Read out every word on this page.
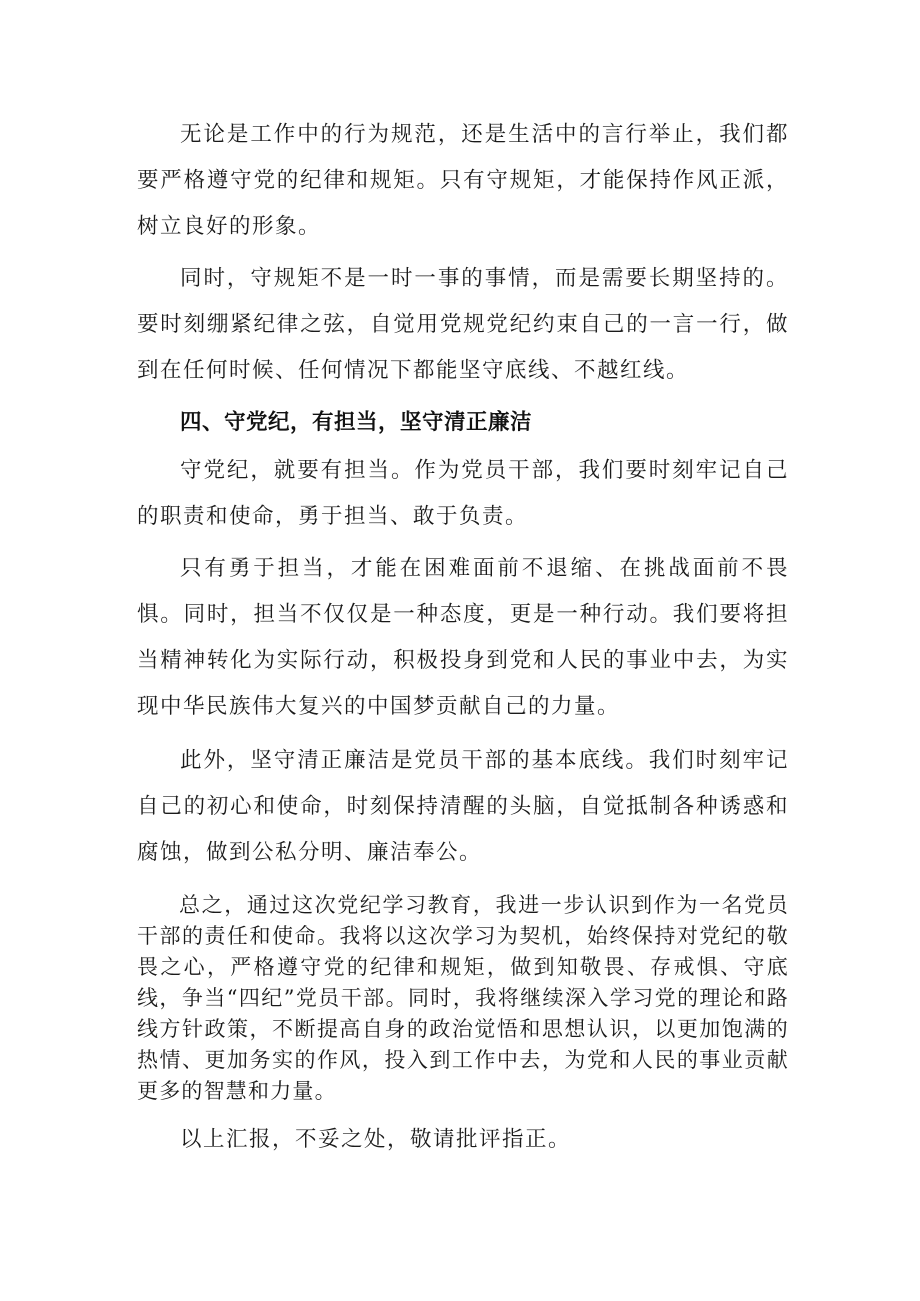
无论是工作中的行为规范，还是生活中的言行举止，我们都要严格遵守党的纪律和规矩。只有守规矩，才能保持作风正派，树立良好的形象。

同时，守规矩不是一时一事的事情，而是需要长期坚持的。要时刻绷紧纪律之弦，自觉用党规党纪约束自己的一言一行，做到在任何时候、任何情况下都能坚守底线、不越红线。

四、守党纪，有担当，坚守清正廉洁

守党纪，就要有担当。作为党员干部，我们要时刻牢记自己的职责和使命，勇于担当、敢于负责。

只有勇于担当，才能在困难面前不退缩、在挑战面前不畏惧。同时，担当不仅仅是一种态度，更是一种行动。我们要将担当精神转化为实际行动，积极投身到党和人民的事业中去，为实现中华民族伟大复兴的中国梦贡献自己的力量。

此外，坚守清正廉洁是党员干部的基本底线。我们时刻牢记自己的初心和使命，时刻保持清醒的头脑，自觉抵制各种诱惑和腐蚀，做到公私分明、廉洁奉公。

总之，通过这次党纪学习教育，我进一步认识到作为一名党员干部的责任和使命。我将以这次学习为契机，始终保持对党纪的敬畏之心，严格遵守党的纪律和规矩，做到知敬畏、存戒惧、守底线，争当“四纪”党员干部。同时，我将继续深入学习党的理论和路线方针政策，不断提高自身的政治觉悟和思想认识，以更加饱满的热情、更加务实的作风，投入到工作中去，为党和人民的事业贡献更多的智慧和力量。

以上汇报，不妥之处，敬请批评指正。
